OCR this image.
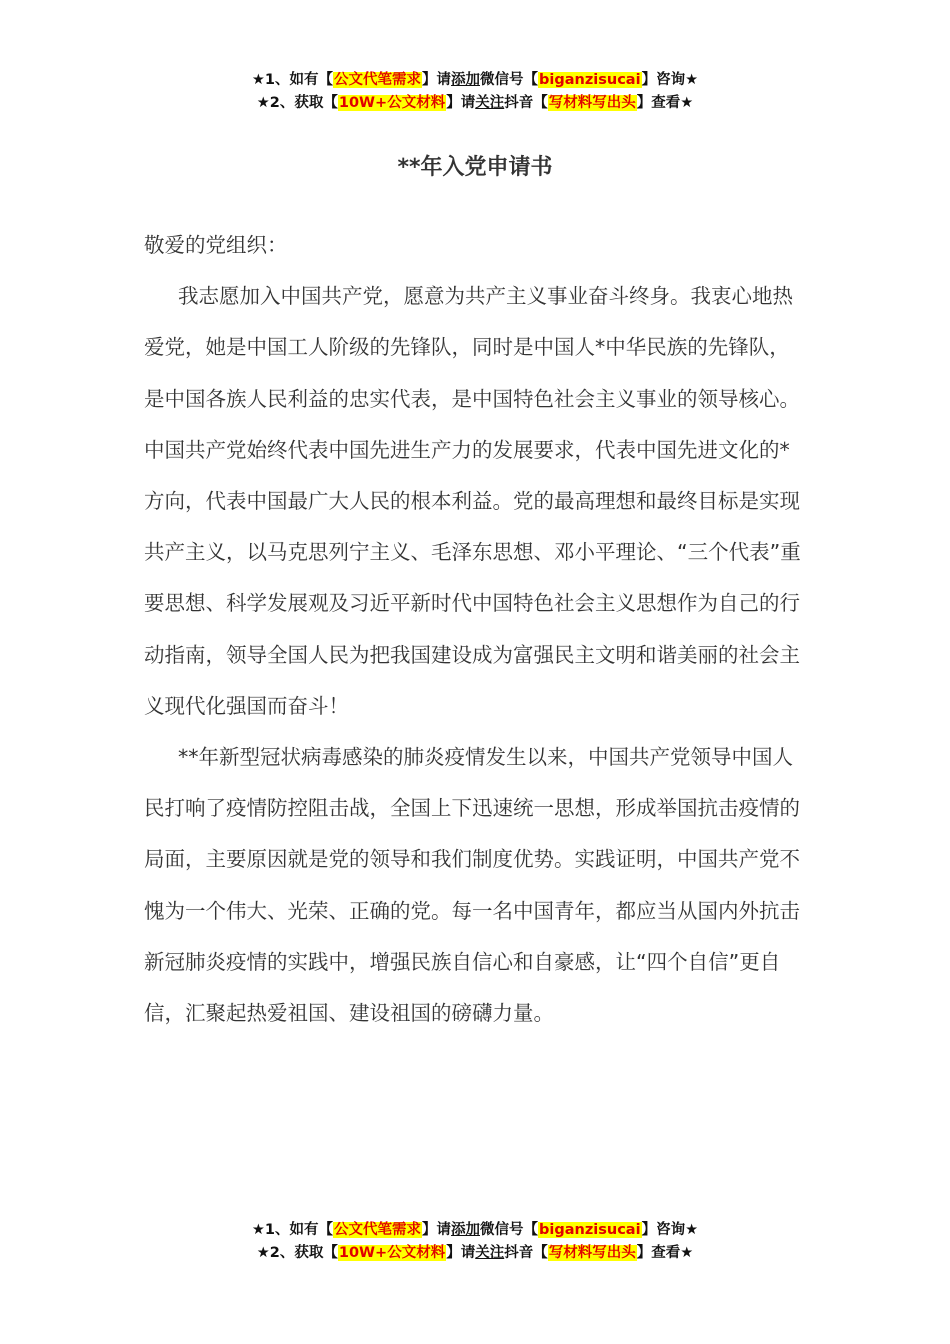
★1、如有【公文代笔需求】请添加微信号【biganzisucai】咨询★
★2、获取【10W+公文材料】请关注抖音【写材料写出头】查看★
**年入党申请书

敬爱的党组织：

我志愿加入中国共产党，愿意为共产主义事业奋斗终身。我衷心地热爱党，她是中国工人阶级的先锋队，同时是中国人*中华民族的先锋队，是中国各族人民利益的忠实代表，是中国特色社会主义事业的领导核心。中国共产党始终代表中国先进生产力的发展要求，代表中国先进文化的*方向，代表中国最广大人民的根本利益。党的最高理想和最终目标是实现共产主义，以马克思列宁主义、毛泽东思想、邓小平理论、“三个代表”重要思想、科学发展观及习近平新时代中国特色社会主义思想作为自己的行动指南，领导全国人民为把我国建设成为富强民主文明和谐美丽的社会主义现代化强国而奋斗！

**年新型冠状病毒感染的肺炎疫情发生以来，中国共产党领导中国人民打响了疫情防控阻击战，全国上下迅速统一思想，形成举国抗击疫情的局面，主要原因就是党的领导和我们制度优势。实践证明，中国共产党不愧为一个伟大、光荣、正确的党。每一名中国青年，都应当从国内外抗击新冠肺炎疫情的实践中，增强民族自信心和自豪感，让“四个自信”更自信，汇聚起热爱祖国、建设祖国的磅礴力量。

★1、如有【公文代笔需求】请添加微信号【biganzisucai】咨询★
★2、获取【10W+公文材料】请关注抖音【写材料写出头】查看★
